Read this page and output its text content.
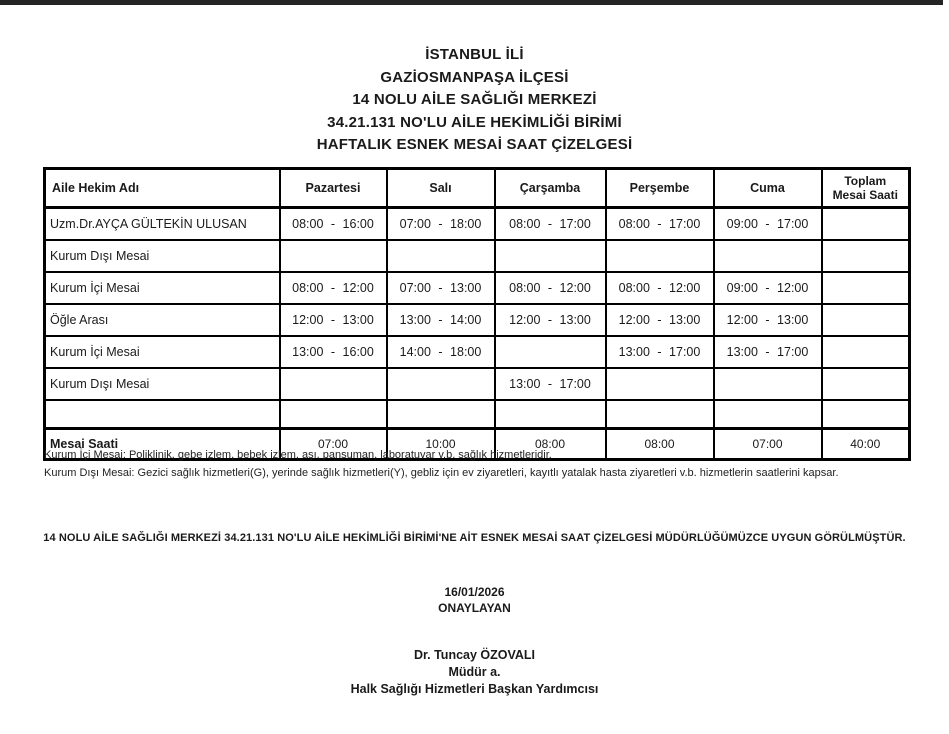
İSTANBUL İLİ
GAZİOSMANPAŞA İLÇESİ
14 NOLU AİLE SAĞLIĞI MERKEZİ
34.21.131 NO'LU AİLE HEKİMLİĞİ BİRİMİ
HAFTALIK ESNEK MESAİ SAAT ÇİZELGESİ
Aile Hekim Adı	Pazartesi	Salı	Çarşamba	Perşembe	Cuma	Toplam Mesai Saati
Uzm.Dr.AYÇA GÜLTEKİN ULUSAN	08:00 - 16:00	07:00 - 18:00	08:00 - 17:00	08:00 - 17:00	09:00 - 17:00	
Kurum Dışı Mesai						
Kurum İçi Mesai	08:00 - 12:00	07:00 - 13:00	08:00 - 12:00	08:00 - 12:00	09:00 - 12:00	
Öğle Arası	12:00 - 13:00	13:00 - 14:00	12:00 - 13:00	12:00 - 13:00	12:00 - 13:00	
Kurum İçi Mesai	13:00 - 16:00	14:00 - 18:00		13:00 - 17:00	13:00 - 17:00	
Kurum Dışı Mesai			13:00 - 17:00			

Mesai Saati	07:00	10:00	08:00	08:00	07:00	40:00
Kurum İçi Mesai: Poliklinik, gebe izlem, bebek izlem, aşı, pansuman, laboratuvar v.b. sağlık hizmetleridir.
Kurum Dışı Mesai: Gezici sağlık hizmetleri(G), yerinde sağlık hizmetleri(Y), gebliz için ev ziyaretleri, kayıtlı yatalak hasta ziyaretleri v.b. hizmetlerin saatlerini kapsar.
14 NOLU AİLE SAĞLIĞI MERKEZİ 34.21.131 NO'LU AİLE HEKİMLİĞİ BİRİMİ'NE AİT ESNEK MESAİ SAAT ÇİZELGESİ MÜDÜRLÜĞÜMÜZCE UYGUN GÖRÜLMÜŞTÜR.
16/01/2026
ONAYLAYAN
Dr. Tuncay ÖZOVALI
Müdür a.
Halk Sağlığı Hizmetleri Başkan Yardımcısı
